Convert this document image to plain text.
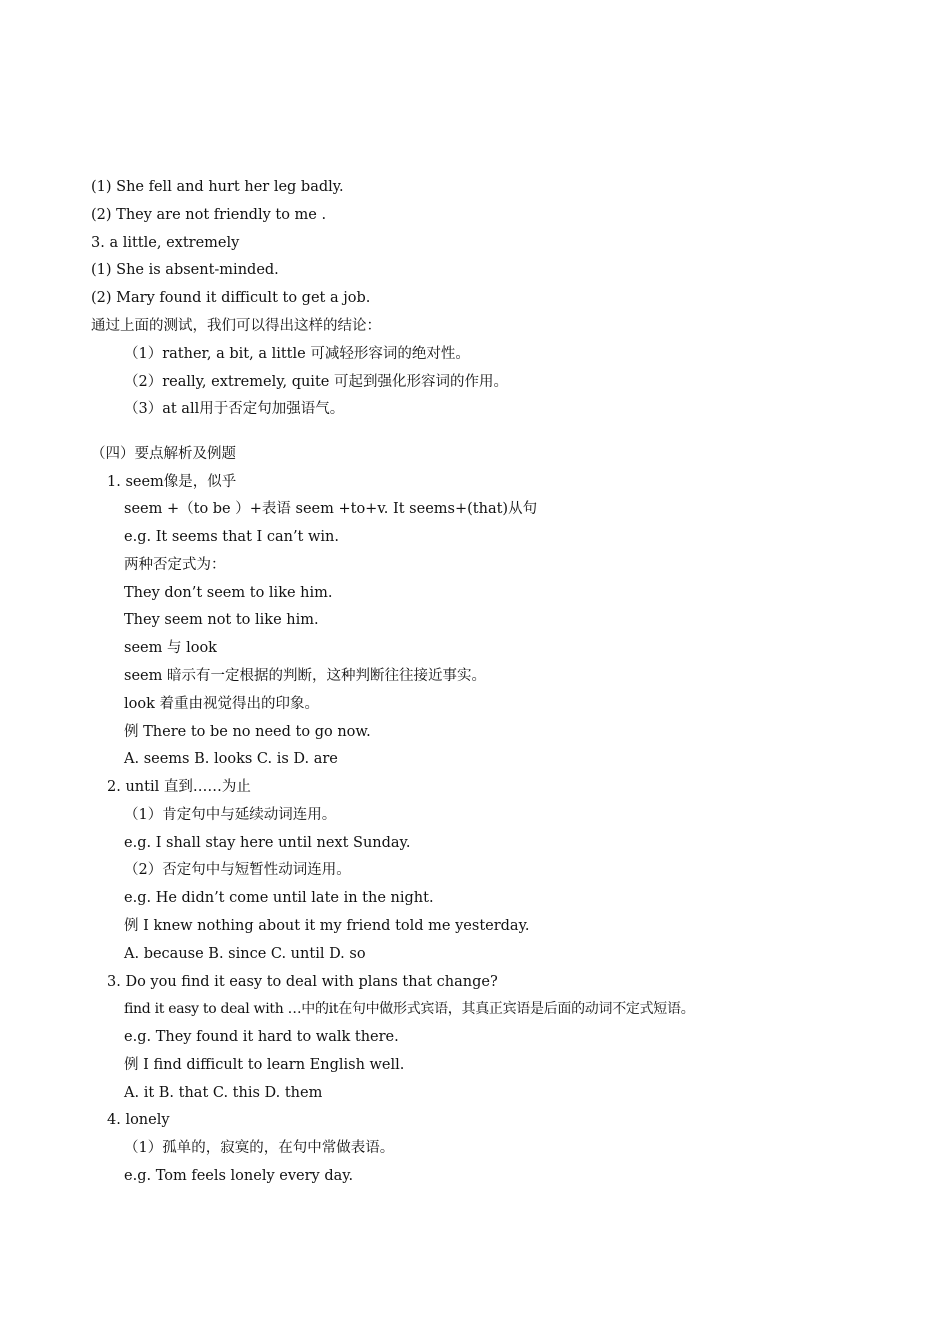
(1) She fell and hurt her leg badly.
(2) They are not friendly to me .
3. a little, extremely
(1) She is absent-minded.
(2) Mary found it difficult to get a job.
通过上面的测试，我们可以得出这样的结论：
（1）rather, a bit, a little 可减轻形容词的绝对性。
（2）really, extremely, quite 可起到强化形容词的作用。
（3）at all用于否定句加强语气。
（四）要点解析及例题
1. seem像是，似乎
seem +（to be ）+表语 seem +to+v. It seems+(that)从句
e.g. It seems that I can’t win.
两种否定式为：
They don’t seem to like him.
They seem not to like him.
seem 与 look
seem 暗示有一定根据的判断，这种判断往往接近事实。
look 着重由视觉得出的印象。
例 There to be no need to go now.
A. seems B. looks C. is D. are
2. until 直到……为止
（1）肯定句中与延续动词连用。
e.g. I shall stay here until next Sunday.
（2）否定句中与短暂性动词连用。
e.g. He didn’t come until late in the night.
例 I knew nothing about it my friend told me yesterday.
A. because B. since C. until D. so
3. Do you find it easy to deal with plans that change?
find it easy to deal with …中的it在句中做形式宾语，其真正宾语是后面的动词不定式短语。
e.g. They found it hard to walk there.
例 I find difficult to learn English well.
A. it B. that C. this D. them
4. lonely
（1）孤单的，寂寞的，在句中常做表语。
e.g. Tom feels lonely every day.
